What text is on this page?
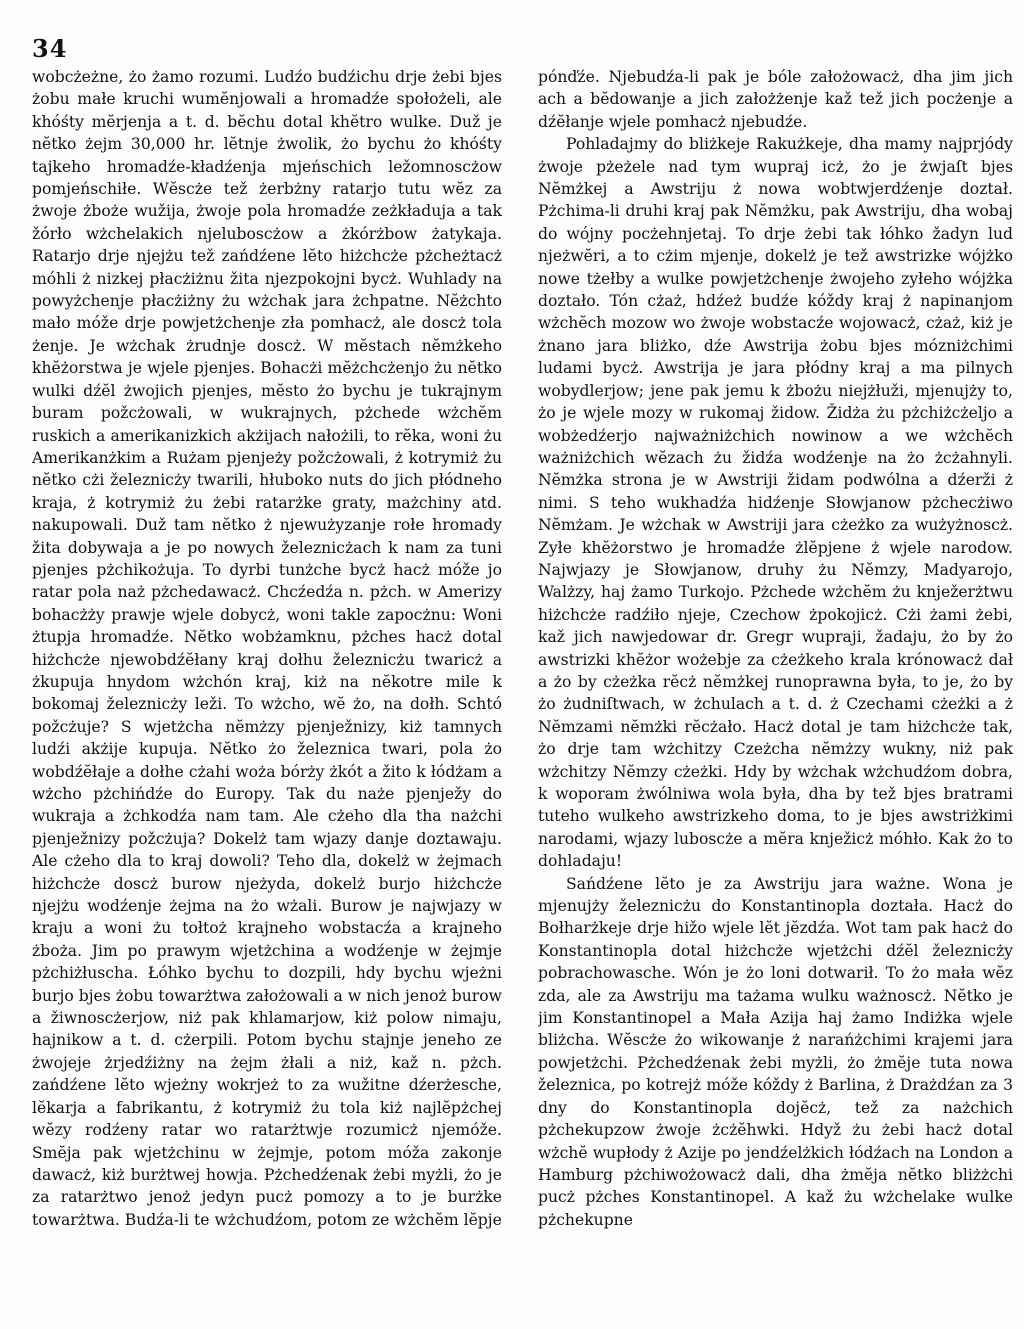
34

wobcżeżne, żo żamo rozumi. Ludźo budźichu drje żebi bjes żobu małe kruchi wumĕnjowali a hromadźe społożeli, ale khóśty mĕrjenja a t. d. bĕchu dotal khĕtro wulke. Duž je nĕtko żejm 30,000 hr. lĕtnje żwolik, żo bychu żo khóśty tajkeho hromadźe-kładźenja mjeńschich ležomnoscżow pomjeńschiłe. Wĕscże tež żerbżny ratarjo tutu wĕz za żwoje żboże wužija, żwoje pola hromadźe zeżkładuja a tak žórło wżchelakich njeluboscżow a żkórżbow żatykaja. Ratarjo drje njejżu tež zańdźene lĕto hiżchcże pżcheżtacż móhli ż nizkej płacżiżnu žita njezpokojni bycż. Wuhlady na powyżchenje płacżiżny żu wżchak jara żchpatne. Nĕżchto mało móže drje powjetżchenje zła pomhacż, ale doscż tola żenje. Je wżchak żrudnje doscż. W mĕstach nĕmżkeho khĕżorstwa je wjele pjenjes. Bohacżi mĕżchcżenjo żu nĕtko wulki dźĕl żwojich pjenjes, mĕsto żo bychu je tukrajnym buram požcżowali, w wukrajnych, pżchede wżchĕm ruskich a amerikanizkich akżijach nałożili, to rĕka, woni żu Amerikanżkim a Rużam pjenjeży požcżowali, ż kotrymiż żu nĕtko cżi železnicży twarili, hłuboko nuts do jich płódneho kraja, ż kotrymiż żu żebi ratarżke graty, mażchiny atd. nakupowali. Duž tam nĕtko ż njewużyzanje rołe hromady žita dobywaja a je po nowych železnicżach k nam za tuni pjenjes pżchikożuja. To dyrbi tunżche bycż hacż móže jo ratar pola naż pżchedawacż. Chcźedźa n. pżch. w Amerizy bohacżży prawje wjele dobycż, woni takle zapocżnu: Woni żtupja hromadźe. Nĕtko wobżamknu, pżches hacż dotal hiżchcże njewobdźĕłany kraj dołhu železnicżu twaricż a żkupuja hnydom wżchón kraj, kiż na nĕkotre mile k bokomaj železnicży leži. To wżcho, wĕ żo, na dołh. Schtó požcżuje? S wjetżcha nĕmżzy pjenježnizy, kiż tamnych ludźi akżije kupuja. Nĕtko żo železnica twari, pola żo wobdźĕłaje a dołhe cżahi woża bórży żkót a žito k łódżam a wżcho pżchińdźe do Europy. Tak du naże pjenježy do wukraja a żchkodźa nam tam. Ale cżeho dla tha nażchi pjenježnizy požcżuja? Dokelż tam wjazy danje doztawaju. Ale cżeho dla to kraj dowoli? Teho dla, dokelż w żejmach hiżchcże doscż burow njeżyda, dokelż burjo hiżchcże njejżu wodźenje żejma na żo wżali. Burow je najwjazy w kraju a woni żu tołtoż krajneho wobstacźa a krajneho żboża. Jim po prawym wjetżchina a wodźenje w żejmje pżchiżłuscha. Łóhko bychu to dozpili, hdy bychu wjeżni burjo bjes żobu towarżtwa założowali a w nich jenoż burow a žiwnoscżerjow, niż pak khlamarjow, kiż polow nimaju, hajnikow a t. d. cżerpili. Potom bychu stajnje jeneho ze żwojeje żrjedźiżny na żejm żłali a niż, kaž n. pżch. zańdźene lĕto wjeżny wokrjeż to za wužitne dźerżesche, lĕkarja a fabrikantu, ż kotrymiż żu tola kiż najlĕpżchej wĕzy rodźeny ratar wo ratarżtwje rozumicż njemóže. Smĕja pak wjetżchinu w żejmje, potom móža zakonje dawacż, kiż burżtwej howja. Pżchedźenak żebi myżli, żo je za ratarżtwo jenoż jedyn pucż pomozy a to je burżke towarżtwa. Budźa-li te wżchudźom, potom ze wżchĕm lĕpje

pónďźe. Njebudźa-li pak je bóle założowacż, dha jim jich ach a bĕdowanje a jich założżenje kaž tež jich pocżenje a dźĕłanje wjele pomhacż njebudźe.

Pohladajmy do bliżkeje Rakużkeje, dha mamy najprjódy żwoje pżeżele nad tym wupraj icż, żo je żwjaſt bjes Nĕmżkej a Awstriju ż nowa wobtwjerdźenje doztał. Pżchima-li druhi kraj pak Nĕmżku, pak Awstriju, dha wobaj do wójny pocżehnjetaj. To drje żebi tak łóhko žadyn lud njeżwĕri, a to cżim mjenje, dokelż je tež awstrizke wójżko nowe tżełby a wulke powjetżchenje żwojeho zyłeho wójżka doztało. Tón cżaż, hdźeż budźe kóždy kraj ż napinanjom wżchĕch mozow wo żwoje wobstacźe wojowacż, cżaż, kiż je żnano jara bliżko, dźe Awstrija żobu bjes mózniżchimi ludami bycż. Awstrija je jara płódny kraj a ma pilnych wobydlerjow; jene pak jemu k żbożu niejżłuži, mjenujży to, żo je wjele mozy w rukomaj židow. Židża żu pżchiżcżeljo a wobżedźerjo najważniżchich nowinow a we wżchĕch ważniżchich wĕzach żu židźa wodźenje na żo żcżahnyli. Nĕmżka strona je w Awstriji židam podwólna a dźerži ż nimi. S teho wukhadźa hidźenje Słowjanow pżchecżiwo Nĕmżam. Je wżchak w Awstriji jara cżeżko za wużyżnoscż. Zyłe khĕżorstwo je hromadźe żlĕpjene ż wjele narodow. Najwjazy je Słowjanow, druhy żu Nĕmzy, Madyarojo, Walżzy, haj żamo Turkojo. Pżchede wżchĕm żu knježerżtwu hiżchcże radźiło njeje, Czechow żpokojicż. Cżi żami żebi, kaž jich nawjedowar dr. Gregr wupraji, žadaju, żo by żo awstrizki khĕżor wożebje za cżeżkeho krala krónowacż dał a żo by cżeżka rĕcż nĕmżkej runoprawna była, to je, żo by żo żudniſtwach, w żchulach a t. d. ż Czechami cżeżki a ż Nĕmzami nĕmżki rĕcżało. Hacż dotal je tam hiżchcże tak, żo drje tam wżchitzy Czeżcha nĕmżzy wukny, niż pak wżchitzy Nĕmzy cżeżki. Hdy by wżchak wżchudźom dobra, k woporam żwólniwa wola była, dha by tež bjes bratrami tuteho wulkeho awstrizkeho doma, to je bjes awstriżkimi narodami, wjazy luboscże a mĕra knježicż móhło. Kak żo to dohladaju!

Sańdźene lĕto je za Awstriju jara ważne. Wona je mjenujży železnicżu do Konstantinopla doztała. Hacż do Bołharżkeje drje hižo wjele lĕt jĕzdźa. Wot tam pak hacż do Konstantinopla dotal hiżchcże wjetżchi dźĕl železnicży pobrachowasche. Wón je żo loni dotwarił. To żo mała wĕz zda, ale za Awstriju ma tażama wulku ważnoscż. Nĕtko je jim Konstantinopel a Mała Azija haj żamo Indiżka wjele bliżcha. Wĕscże żo wikowanje ż narańżchimi krajemi jara powjetżchi. Pżchedźenak żebi myżli, żo żmĕje tuta nowa železnica, po kotrejż móže kóždy ż Barlina, ż Drażdźan za 3 dny do Konstantinopla dojĕcż, tež za nażchich pżchekupzow żwoje żcżĕhwki. Hdyž żu żebi hacż dotal wżchĕ wupłody ż Azije po jendźelżkich łódźach na London a Hamburg pżchiwożowacż dali, dha żmĕja nĕtko bliżżchi pucż pżches Konstantinopel. A kaž żu wżchelake wulke pżchekupne
